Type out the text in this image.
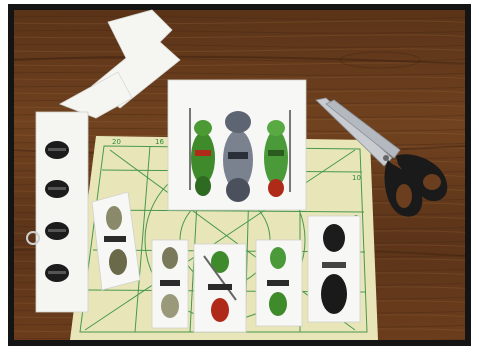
20	16
10
